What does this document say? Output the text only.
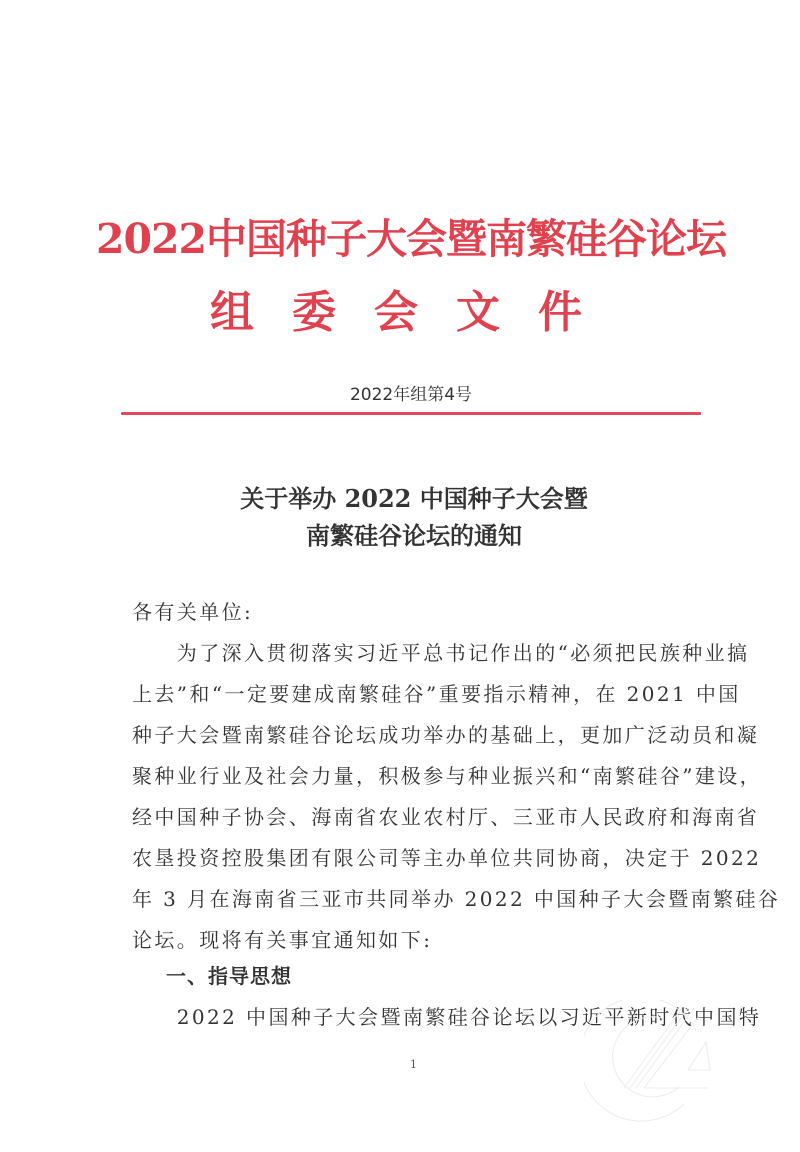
2022中国种子大会暨南繁硅谷论坛
组委会文件
2022年组第4号
关于举办 2022 中国种子大会暨
南繁硅谷论坛的通知
各有关单位:
　　为了深入贯彻落实习近平总书记作出的“必须把民族种业搞
上去”和“一定要建成南繁硅谷”重要指示精神，在 2021 中国
种子大会暨南繁硅谷论坛成功举办的基础上，更加广泛动员和凝
聚种业行业及社会力量，积极参与种业振兴和“南繁硅谷”建设，
经中国种子协会、海南省农业农村厅、三亚市人民政府和海南省
农垦投资控股集团有限公司等主办单位共同协商，决定于 2022
年 3 月在海南省三亚市共同举办 2022 中国种子大会暨南繁硅谷
论坛。现将有关事宜通知如下:
一、指导思想
　　2022 中国种子大会暨南繁硅谷论坛以习近平新时代中国特
1
